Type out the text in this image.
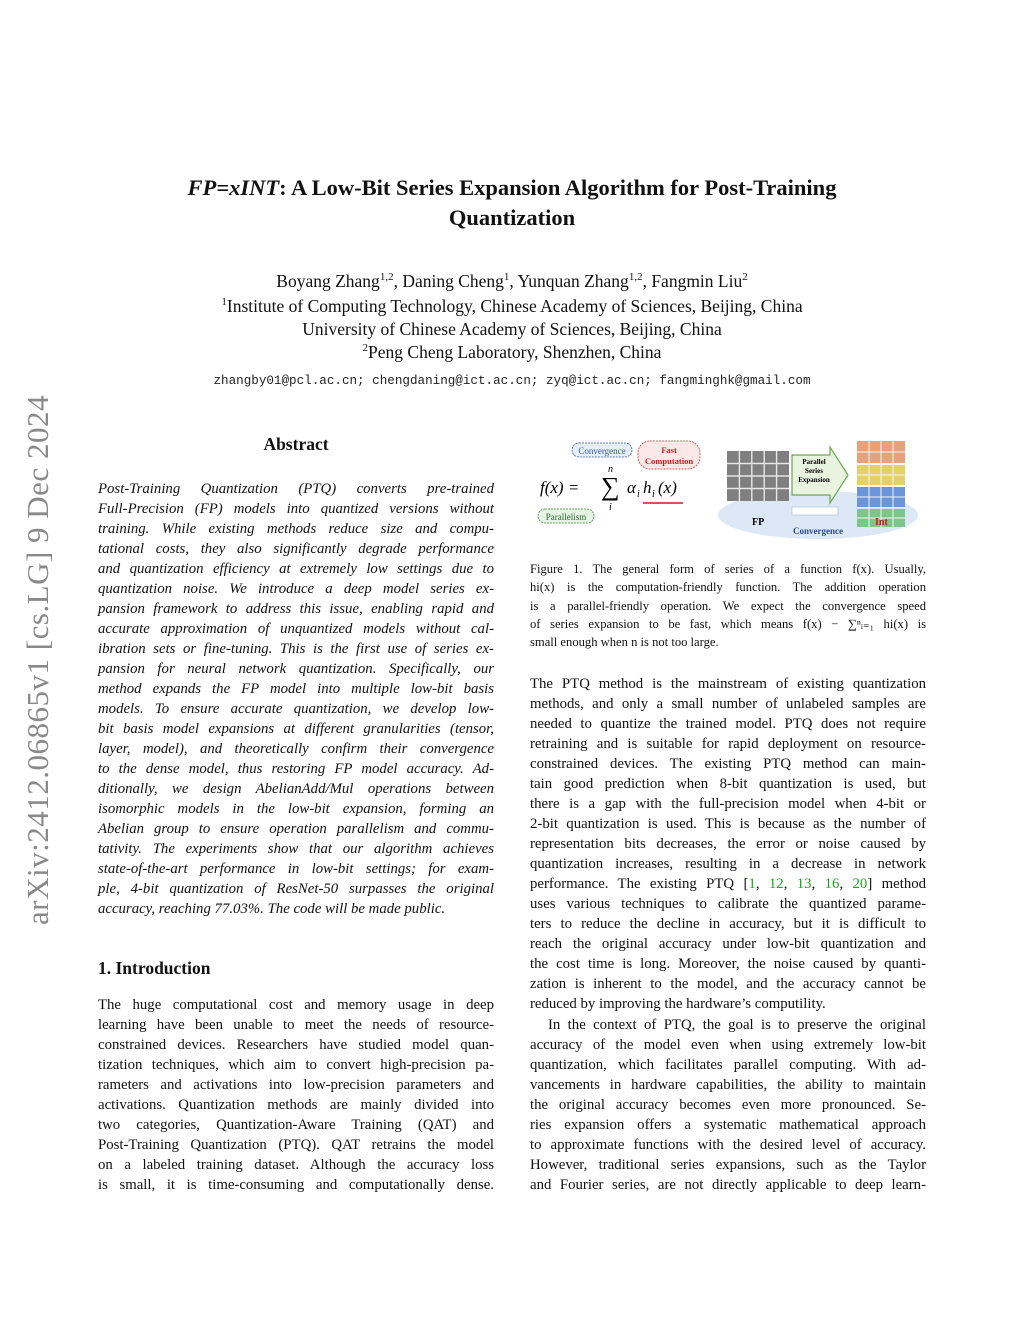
arXiv:2412.06865v1 [cs.LG] 9 Dec 2024
FP=xINT: A Low-Bit Series Expansion Algorithm for Post-Training
Quantization
Boyang Zhang$^{1,2}$, Daning Cheng$^1$, Yunquan Zhang$^{1,2}$, Fangmin Liu$^2$
$^1$Institute of Computing Technology, Chinese Academy of Sciences, Beijing, China
University of Chinese Academy of Sciences, Beijing, China
$^2$Peng Cheng Laboratory, Shenzhen, China
zhangby01@pcl.ac.cn; chengdaning@ict.ac.cn; zyq@ict.ac.cn; fangminghk@gmail.com
Abstract
Post-Training Quantization (PTQ) converts pre-trained
Full-Precision (FP) models into quantized versions without
training. While existing methods reduce size and compu-
tational costs, they also significantly degrade performance
and quantization efficiency at extremely low settings due to
quantization noise. We introduce a deep model series ex-
pansion framework to address this issue, enabling rapid and
accurate approximation of unquantized models without cal-
ibration sets or fine-tuning. This is the first use of series ex-
pansion for neural network quantization. Specifically, our
method expands the FP model into multiple low-bit basis
models. To ensure accurate quantization, we develop low-
bit basis model expansions at different granularities (tensor,
layer, model), and theoretically confirm their convergence
to the dense model, thus restoring FP model accuracy. Ad-
ditionally, we design AbelianAdd/Mul operations between
isomorphic models in the low-bit expansion, forming an
Abelian group to ensure operation parallelism and commu-
tativity. The experiments show that our algorithm achieves
state-of-the-art performance in low-bit settings; for exam-
ple, 4-bit quantization of ResNet-50 surpasses the original
accuracy, reaching 77.03%. The code will be made public.
1. Introduction
The huge computational cost and memory usage in deep
learning have been unable to meet the needs of resource-
constrained devices. Researchers have studied model quan-
tization techniques, which aim to convert high-precision pa-
rameters and activations into low-precision parameters and
activations. Quantization methods are mainly divided into
two categories, Quantization-Aware Training (QAT) and
Post-Training Quantization (PTQ). QAT retrains the model
on a labeled training dataset. Although the accuracy loss
is small, it is time-consuming and computationally dense.
Convergence	Fast
Computation
Parallelism
f(x) = ∑
n
i
α i h i (x)
FP
Parallel
Series
Expansion
Int
Convergence
Figure 1. The general form of series of a function f(x). Usually,
hi(x) is the computation-friendly function. The addition operation
is a parallel-friendly operation. We expect the convergence speed
of series expansion to be fast, which means f(x) − ∑ⁿᵢ₌₁ hi(x) is
small enough when n is not too large.
The PTQ method is the mainstream of existing quantization
methods, and only a small number of unlabeled samples are
needed to quantize the trained model. PTQ does not require
retraining and is suitable for rapid deployment on resource-
constrained devices. The existing PTQ method can main-
tain good prediction when 8-bit quantization is used, but
there is a gap with the full-precision model when 4-bit or
2-bit quantization is used. This is because as the number of
representation bits decreases, the error or noise caused by
quantization increases, resulting in a decrease in network
performance. The existing PTQ [1, 12, 13, 16, 20] method
uses various techniques to calibrate the quantized parame-
ters to reduce the decline in accuracy, but it is difficult to
reach the original accuracy under low-bit quantization and
the cost time is long. Moreover, the noise caused by quanti-
zation is inherent to the model, and the accuracy cannot be
reduced by improving the hardware’s computility.
In the context of PTQ, the goal is to preserve the original
accuracy of the model even when using extremely low-bit
quantization, which facilitates parallel computing. With ad-
vancements in hardware capabilities, the ability to maintain
the original accuracy becomes even more pronounced. Se-
ries expansion offers a systematic mathematical approach
to approximate functions with the desired level of accuracy.
However, traditional series expansions, such as the Taylor
and Fourier series, are not directly applicable to deep learn-
